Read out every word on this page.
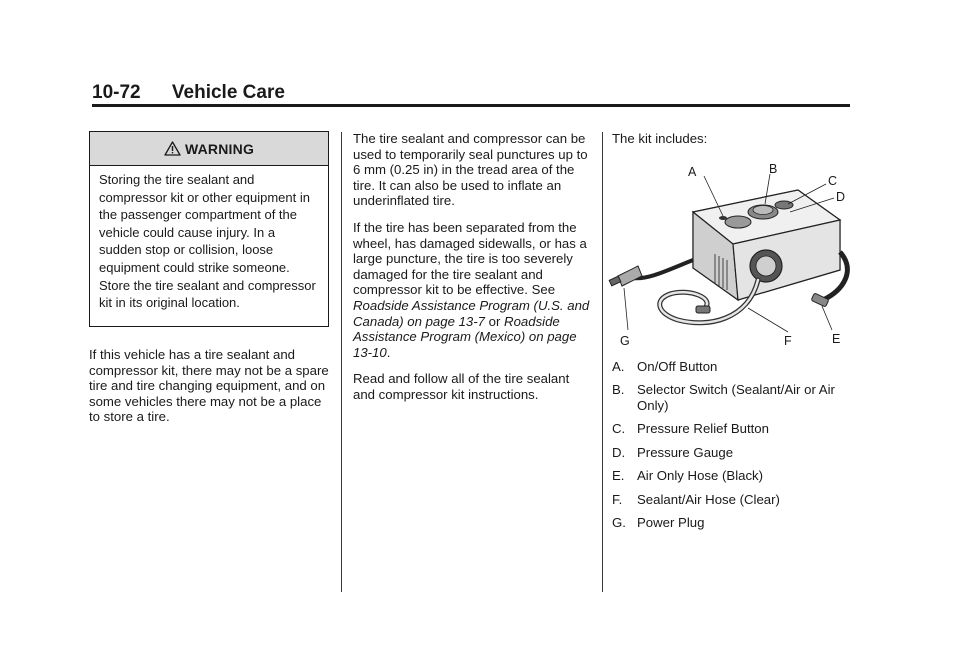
10-72 Vehicle Care
WARNING
Storing the tire sealant and compressor kit or other equipment in the passenger compartment of the vehicle could cause injury. In a sudden stop or collision, loose equipment could strike someone. Store the tire sealant and compressor kit in its original location.

If this vehicle has a tire sealant and compressor kit, there may not be a spare tire and tire changing equipment, and on some vehicles there may not be a place to store a tire.

The tire sealant and compressor can be used to temporarily seal punctures up to 6 mm (0.25 in) in the tread area of the tire. It can also be used to inflate an underinflated tire.

If the tire has been separated from the wheel, has damaged sidewalls, or has a large puncture, the tire is too severely damaged for the tire sealant and compressor kit to be effective. See Roadside Assistance Program (U.S. and Canada) on page 13-7 or Roadside Assistance Program (Mexico) on page 13-10.

Read and follow all of the tire sealant and compressor kit instructions.

The kit includes:

A	B
C
D
E
F
G
A. On/Off Button
B. Selector Switch (Sealant/Air or Air Only)
C. Pressure Relief Button
D. Pressure Gauge
E. Air Only Hose (Black)
F.	Sealant/Air Hose (Clear)
G. Power Plug
